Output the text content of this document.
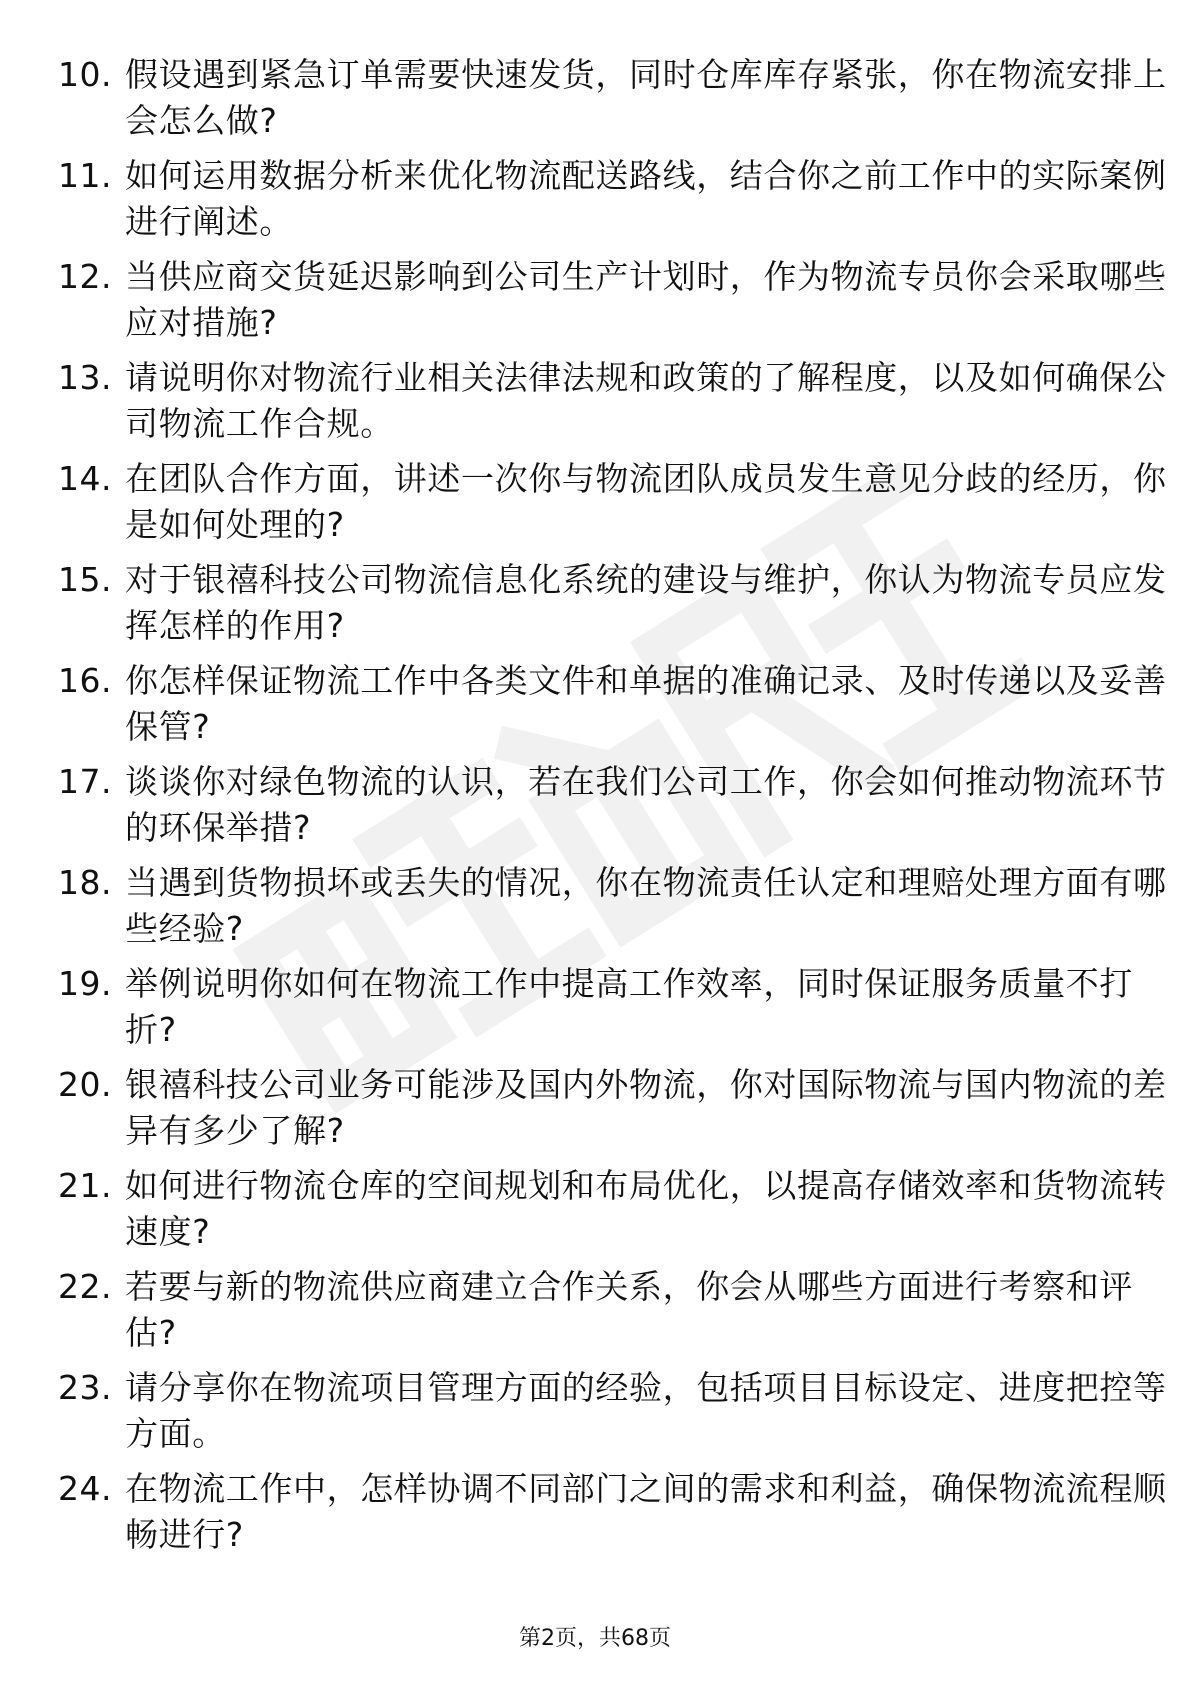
10. 假设遇到紧急订单需要快速发货，同时仓库库存紧张，你在物流安排上会怎么做?
11. 如何运用数据分析来优化物流配送路线，结合你之前工作中的实际案例进行阐述。
12. 当供应商交货延迟影响到公司生产计划时，作为物流专员你会采取哪些应对措施?
13. 请说明你对物流行业相关法律法规和政策的了解程度，以及如何确保公司物流工作合规。
14. 在团队合作方面，讲述一次你与物流团队成员发生意见分歧的经历，你是如何处理的?
15. 对于银禧科技公司物流信息化系统的建设与维护，你认为物流专员应发挥怎样的作用?
16. 你怎样保证物流工作中各类文件和单据的准确记录、及时传递以及妥善保管?
17. 谈谈你对绿色物流的认识，若在我们公司工作，你会如何推动物流环节的环保举措?
18. 当遇到货物损坏或丢失的情况，你在物流责任认定和理赔处理方面有哪些经验?
19. 举例说明你如何在物流工作中提高工作效率，同时保证服务质量不打折?
20. 银禧科技公司业务可能涉及国内外物流，你对国际物流与国内物流的差异有多少了解?
21. 如何进行物流仓库的空间规划和布局优化，以提高存储效率和货物流转速度?
22. 若要与新的物流供应商建立合作关系，你会从哪些方面进行考察和评估?
23. 请分享你在物流项目管理方面的经验，包括项目目标设定、进度把控等方面。
24. 在物流工作中，怎样协调不同部门之间的需求和利益，确保物流流程顺畅进行?
第2页，共68页
